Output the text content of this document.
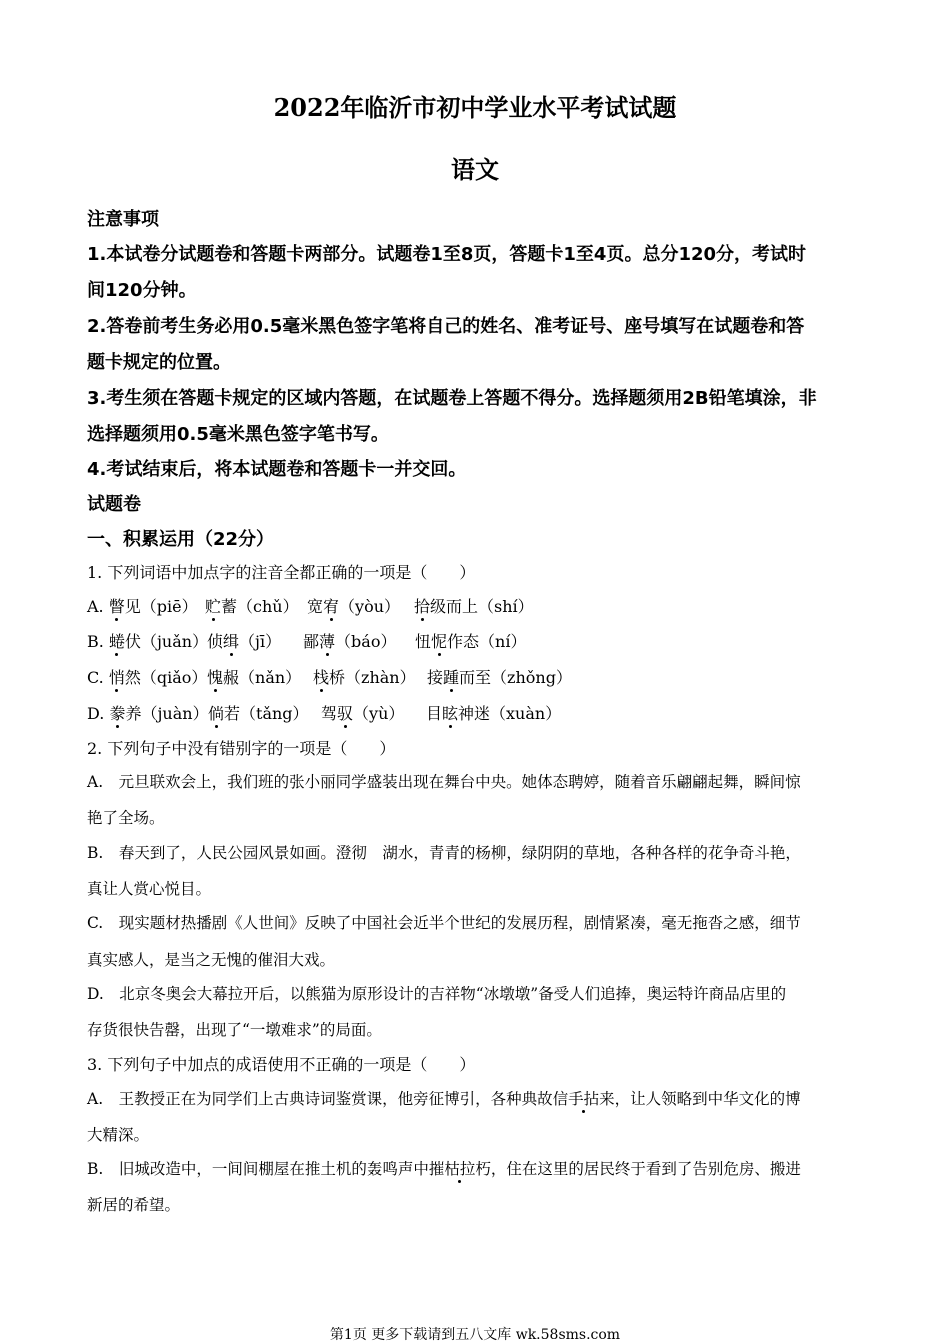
2022年临沂市初中学业水平考试试题
语文
注意事项
1.本试卷分试题卷和答题卡两部分。试题卷1至8页，答题卡1至4页。总分120分，考试时
间120分钟。
2.答卷前考生务必用0.5毫米黑色签字笔将自己的姓名、准考证号、座号填写在试题卷和答
题卡规定的位置。
3.考生须在答题卡规定的区域内答题，在试题卷上答题不得分。选择题须用2B铅笔填涂，非
选择题须用0.5毫米黑色签字笔书写。
4.考试结束后，将本试题卷和答题卡一并交回。
试题卷
一、积累运用（22分）
1. 下列词语中加点字的注音全都正确的一项是（　　）
A. 瞥见（piē） 贮蓄（chǔ） 宽宥（yòu） 拾级而上（shí）
B. 蜷伏（juǎn）侦缉（jī） 鄙薄（báo） 忸怩作态（ní）
C. 悄然（qiǎo）愧赧（nǎn） 栈桥（zhàn） 接踵而至（zhǒng）
D. 豢养（juàn）倘若（tǎng） 驾驭（yù） 目眩神迷（xuàn）
2. 下列句子中没有错别字的一项是（　　）
A.　元旦联欢会上，我们班的张小丽同学盛装出现在舞台中央。她体态聘婷，随着音乐翩翩起舞，瞬间惊
艳了全场。
B.　春天到了，人民公园风景如画。澄彻　湖水，青青的杨柳，绿阴阴的草地，各种各样的花争奇斗艳，
真让人赏心悦目。
C.　现实题材热播剧《人世间》反映了中国社会近半个世纪的发展历程，剧情紧凑，毫无拖沓之感，细节
真实感人，是当之无愧的催泪大戏。
D.　北京冬奥会大幕拉开后，以熊猫为原形设计的吉祥物“冰墩墩”备受人们追捧，奥运特许商品店里的
存货很快告罄，出现了“一墩难求”的局面。
3. 下列句子中加点的成语使用不正确的一项是（　　）
A.　王教授正在为同学们上古典诗词鉴赏课，他旁征博引，各种典故信手拈来，让人领略到中华文化的博
大精深。
B.　旧城改造中，一间间棚屋在推土机的轰鸣声中摧枯拉朽，住在这里的居民终于看到了告别危房、搬进
新居的希望。
第1页 更多下载请到五八文库 wk.58sms.com
